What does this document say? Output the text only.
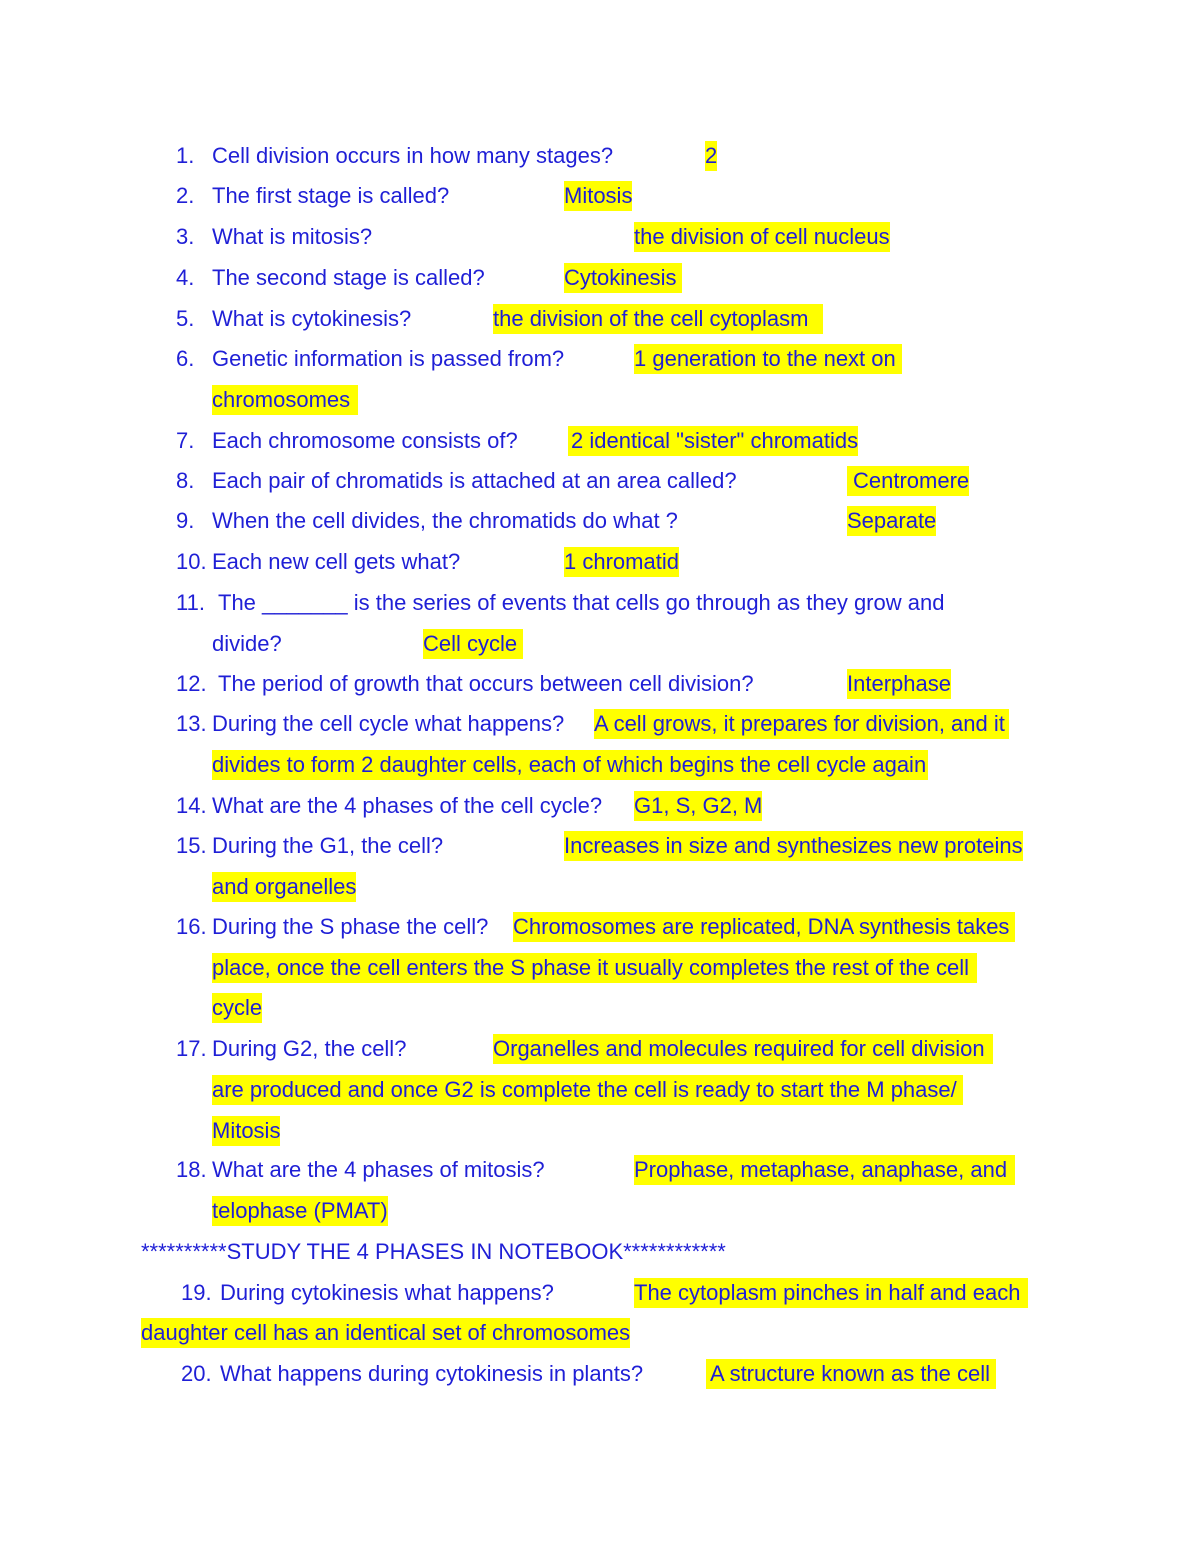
1. Cell division occurs in how many stages?	2
2. The first stage is called?	Mitosis
3. What is mitosis?	the division of cell nucleus
4. The second stage is called?	Cytokinesis
5. What is cytokinesis?	the division of the cell cytoplasm
6. Genetic information is passed from?	1 generation to the next on
chromosomes
7. Each chromosome consists of? 2 identical "sister" chromatids
8. Each pair of chromatids is attached at an area called?	Centromere
9. When the cell divides, the chromatids do what ?	Separate
10. Each new cell gets what?	1 chromatid
11. The _______ is the series of events that cells go through as they grow and
divide?	Cell cycle
12. The period of growth that occurs between cell division?	Interphase
13. During the cell cycle what happens? A cell grows, it prepares for division, and it
divides to form 2 daughter cells, each of which begins the cell cycle again
14. What are the 4 phases of the cell cycle? G1, S, G2, M
15. During the G1, the cell?	Increases in size and synthesizes new proteins
and organelles
16. During the S phase the cell? Chromosomes are replicated, DNA synthesis takes
place, once the cell enters the S phase it usually completes the rest of the cell
cycle
17. During G2, the cell?	Organelles and molecules required for cell division
are produced and once G2 is complete the cell is ready to start the M phase/
Mitosis
18. What are the 4 phases of mitosis?	Prophase, metaphase, anaphase, and
telophase (PMAT)
**********STUDY THE 4 PHASES IN NOTEBOOK************
19. During cytokinesis what happens?	The cytoplasm pinches in half and each
daughter cell has an identical set of chromosomes
20. What happens during cytokinesis in plants?	A structure known as the cell
